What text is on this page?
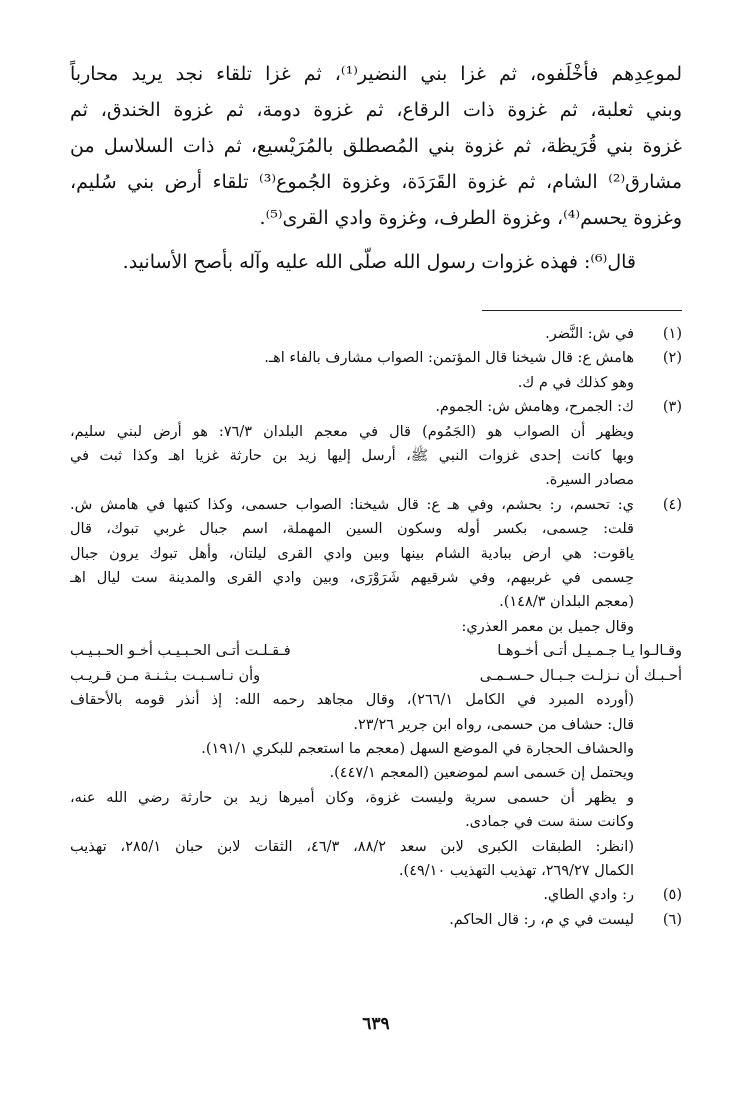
لموعِدِهم فأخْلَفوه، ثم غزا بني النضير⁽¹⁾، ثم غزا تلقاء نجد يريد محارباً
وبني ثعلبة، ثم غزوة ذات الرقاع، ثم غزوة دومة، ثم غزوة الخندق، ثم
غزوة بني قُرَيظة، ثم غزوة بني المُصطلق بالمُرَيْسيع، ثم ذات السلاسل من
مشارق⁽²⁾ الشام، ثم غزوة القَرَدَة، وغزوة الجُموع⁽³⁾ تلقاء أرض بني سُليم،
وغزوة يحسم⁽⁴⁾، وغزوة الطرف، وغزوة وادي القرى⁽⁵⁾.

قال⁽⁶⁾: فهذه غزوات رسول الله صلّى الله عليه وآله بأصح الأسانيد.

(١)
في ش: النَّضر.
(٢)
هامش ع: قال شيخنا قال المؤتمن: الصواب مشارف بالفاء اهـ.
وهو كذلك في م ك.
(٣)
ك: الجمرح، وهامش ش: الجموم.
ويظهر أن الصواب هو (الجَمُوم) قال في معجم البلدان ٧٦/٣: هو أرض لبني سليم،
وبها كانت إحدى غزوات النبي ﷺ، أرسل إليها زيد بن حارثة غزيا اهـ وكذا ثبت في
مصادر السيرة.
(٤)
ي: تحسم، ر: بحشم، وفي هـ ع: قال شيخنا: الصواب حسمى، وكذا كتبها في هامش ش.
قلت: حِسمى، بكسر أوله وسكون السين المهملة، اسم جبال غربي تبوك، قال
ياقوت: هي ارض ببادية الشام بينها وبين وادي القرى ليلتان، وأهل تبوك يرون جبال
حِسمى في غربيهم، وفي شرقيهم شَرَوْرَى، وبين وادي القرى والمدينة ست ليال اهـ
(معجم البلدان ١٤٨/٣).
وقال جميل بن معمر العذري:
وقـالـوا يـا جـمـيـل أتـى أخـوهـا
فـقـلـت أتـى الحـبـيـب أخـو الحـبـيـب
أحـبـك أن نـزلـت جـبـال حـسـمـى
وأن نـاسـبـت بـثـنـة مـن قـريـب
(أورده المبرد في الكامل ٢٦٦/١)، وقال مجاهد رحمه الله: إذ أنذر قومه بالأحقاف
قال: حشاف من حسمى، رواه ابن جرير ٢٣/٢٦.
والحشاف الحجارة في الموضع السهل (معجم ما استعجم للبكري ١٩١/١).
ويحتمل إن حَسمى اسم لموضعين (المعجم ٤٤٧/١).
و يظهر أن حسمى سرية وليست غزوة، وكان أميرها زيد بن حارثة رضي الله عنه،
وكانت سنة ست في جمادى.
(انظر: الطبقات الكبرى لابن سعد ٨٨/٢، ٤٦/٣، الثقات لابن حبان ٢٨٥/١، تهذيب
الكمال ٢٦٩/٢٧، تهذيب التهذيب ٤٩/١٠).
(٥)
ر: وادي الطاي.
(٦)
ليست في ي م، ر: قال الحاكم.
٦٣٩
